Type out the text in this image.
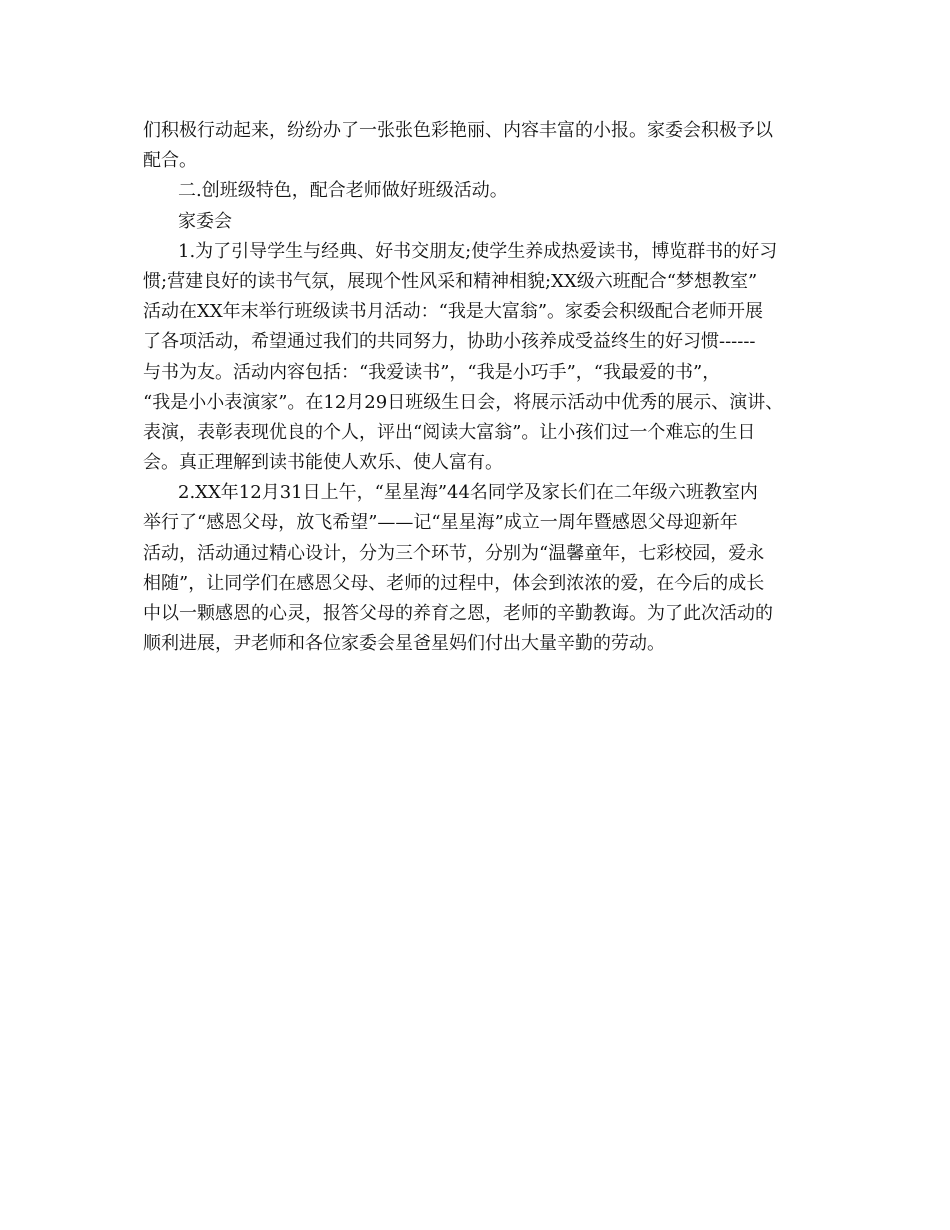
们积极行动起来，纷纷办了一张张色彩艳丽、内容丰富的小报。家委会积极予以
配合。
二.创班级特色，配合老师做好班级活动。
家委会
1.为了引导学生与经典、好书交朋友;使学生养成热爱读书，博览群书的好习
惯;营建良好的读书气氛，展现个性风采和精神相貌;XX级六班配合“梦想教室”
活动在XX年末举行班级读书月活动：“我是大富翁”。家委会积级配合老师开展
了各项活动，希望通过我们的共同努力，协助小孩养成受益终生的好习惯------
与书为友。活动内容包括：“我爱读书”，“我是小巧手”，“我最爱的书”，
“我是小小表演家”。在12月29日班级生日会，将展示活动中优秀的展示、演讲、
表演，表彰表现优良的个人，评出“阅读大富翁”。让小孩们过一个难忘的生日
会。真正理解到读书能使人欢乐、使人富有。
2.XX年12月31日上午，“星星海”44名同学及家长们在二年级六班教室内
举行了“感恩父母，放飞希望”——记“星星海”成立一周年暨感恩父母迎新年
活动，活动通过精心设计，分为三个环节，分别为“温馨童年，七彩校园，爱永
相随”，让同学们在感恩父母、老师的过程中，体会到浓浓的爱，在今后的成长
中以一颗感恩的心灵，报答父母的养育之恩，老师的辛勤教诲。为了此次活动的
顺利进展，尹老师和各位家委会星爸星妈们付出大量辛勤的劳动。
